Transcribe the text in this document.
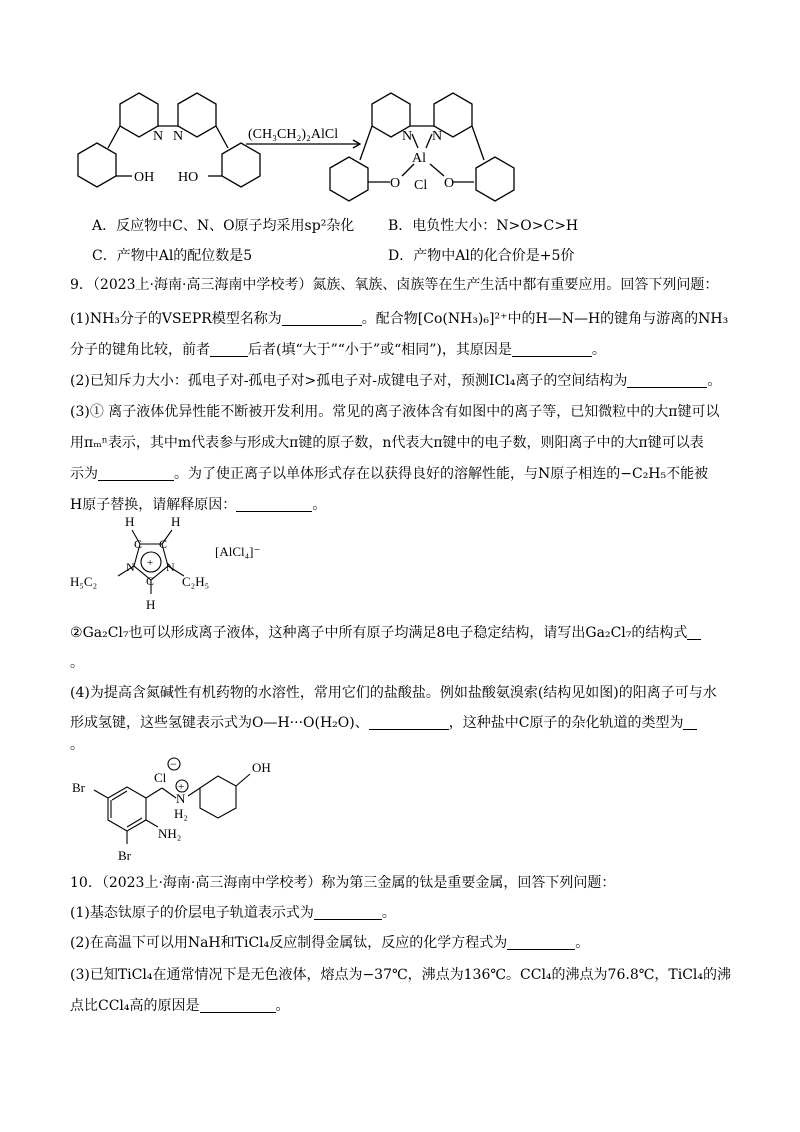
N N
OH HO
(CH₃CH₂)₂AlCl	N N
Al
Cl
O	O
A．反应物中C、N、O原子均采用sp²杂化 B．电负性大小：N>O>C>H
C．产物中Al的配位数是5	D．产物中Al的化合价是+5价
9．（2023上·海南·高三海南中学校考）氮族、氧族、卤族等在生产生活中都有重要应用。回答下列问题：
(1)NH₃分子的VSEPR模型名称为	。配合物[Co(NH₃)₆]²⁺中的H—N—H的键角与游离的NH₃
分子的键角比较，前者	后者(填“大于”“小于”或“相同”)，其原因是	。
(2)已知斥力大小：孤电子对-孤电子对>孤电子对-成键电子对，预测ICl₄离子的空间结构为	。
(3)① 离子液体优异性能不断被开发利用。常见的离子液体含有如图中的离子等，已知微粒中的大π键可以
用πₘⁿ表示，其中m代表参与形成大π键的原子数，n代表大π键中的电子数，则阳离子中的大π键可以表
示为	。为了使正离子以单体形式存在以获得良好的溶解性能，与N原子相连的−C₂H₅不能被
H原子替换，请解释原因：	。
H	H
C C
N	N
C
+
H
H₅C₂	C₂H₅
[AlCl₄]⁻
②Ga₂Cl₇也可以形成离子液体，这种离子中所有原子均满足8电子稳定结构，请写出Ga₂Cl₇的结构式
。
(4)为提高含氮碱性有机药物的水溶性，常用它们的盐酸盐。例如盐酸氨溴索(结构见如图)的阳离子可与水
形成氢键，这些氢键表示式为O—H···O(H₂O)、	，这种盐中C原子的杂化轨道的类型为
。
OH
Cl
−
+
N
H₂
Br
Br
NH₂
10．（2023上·海南·高三海南中学校考）称为第三金属的钛是重要金属，回答下列问题：
(1)基态钛原子的价层电子轨道表示式为	。
(2)在高温下可以用NaH和TiCl₄反应制得金属钛，反应的化学方程式为	。
(3)已知TiCl₄在通常情况下是无色液体，熔点为−37℃，沸点为136℃。CCl₄的沸点为76.8℃，TiCl₄的沸
点比CCl₄高的原因是	。
